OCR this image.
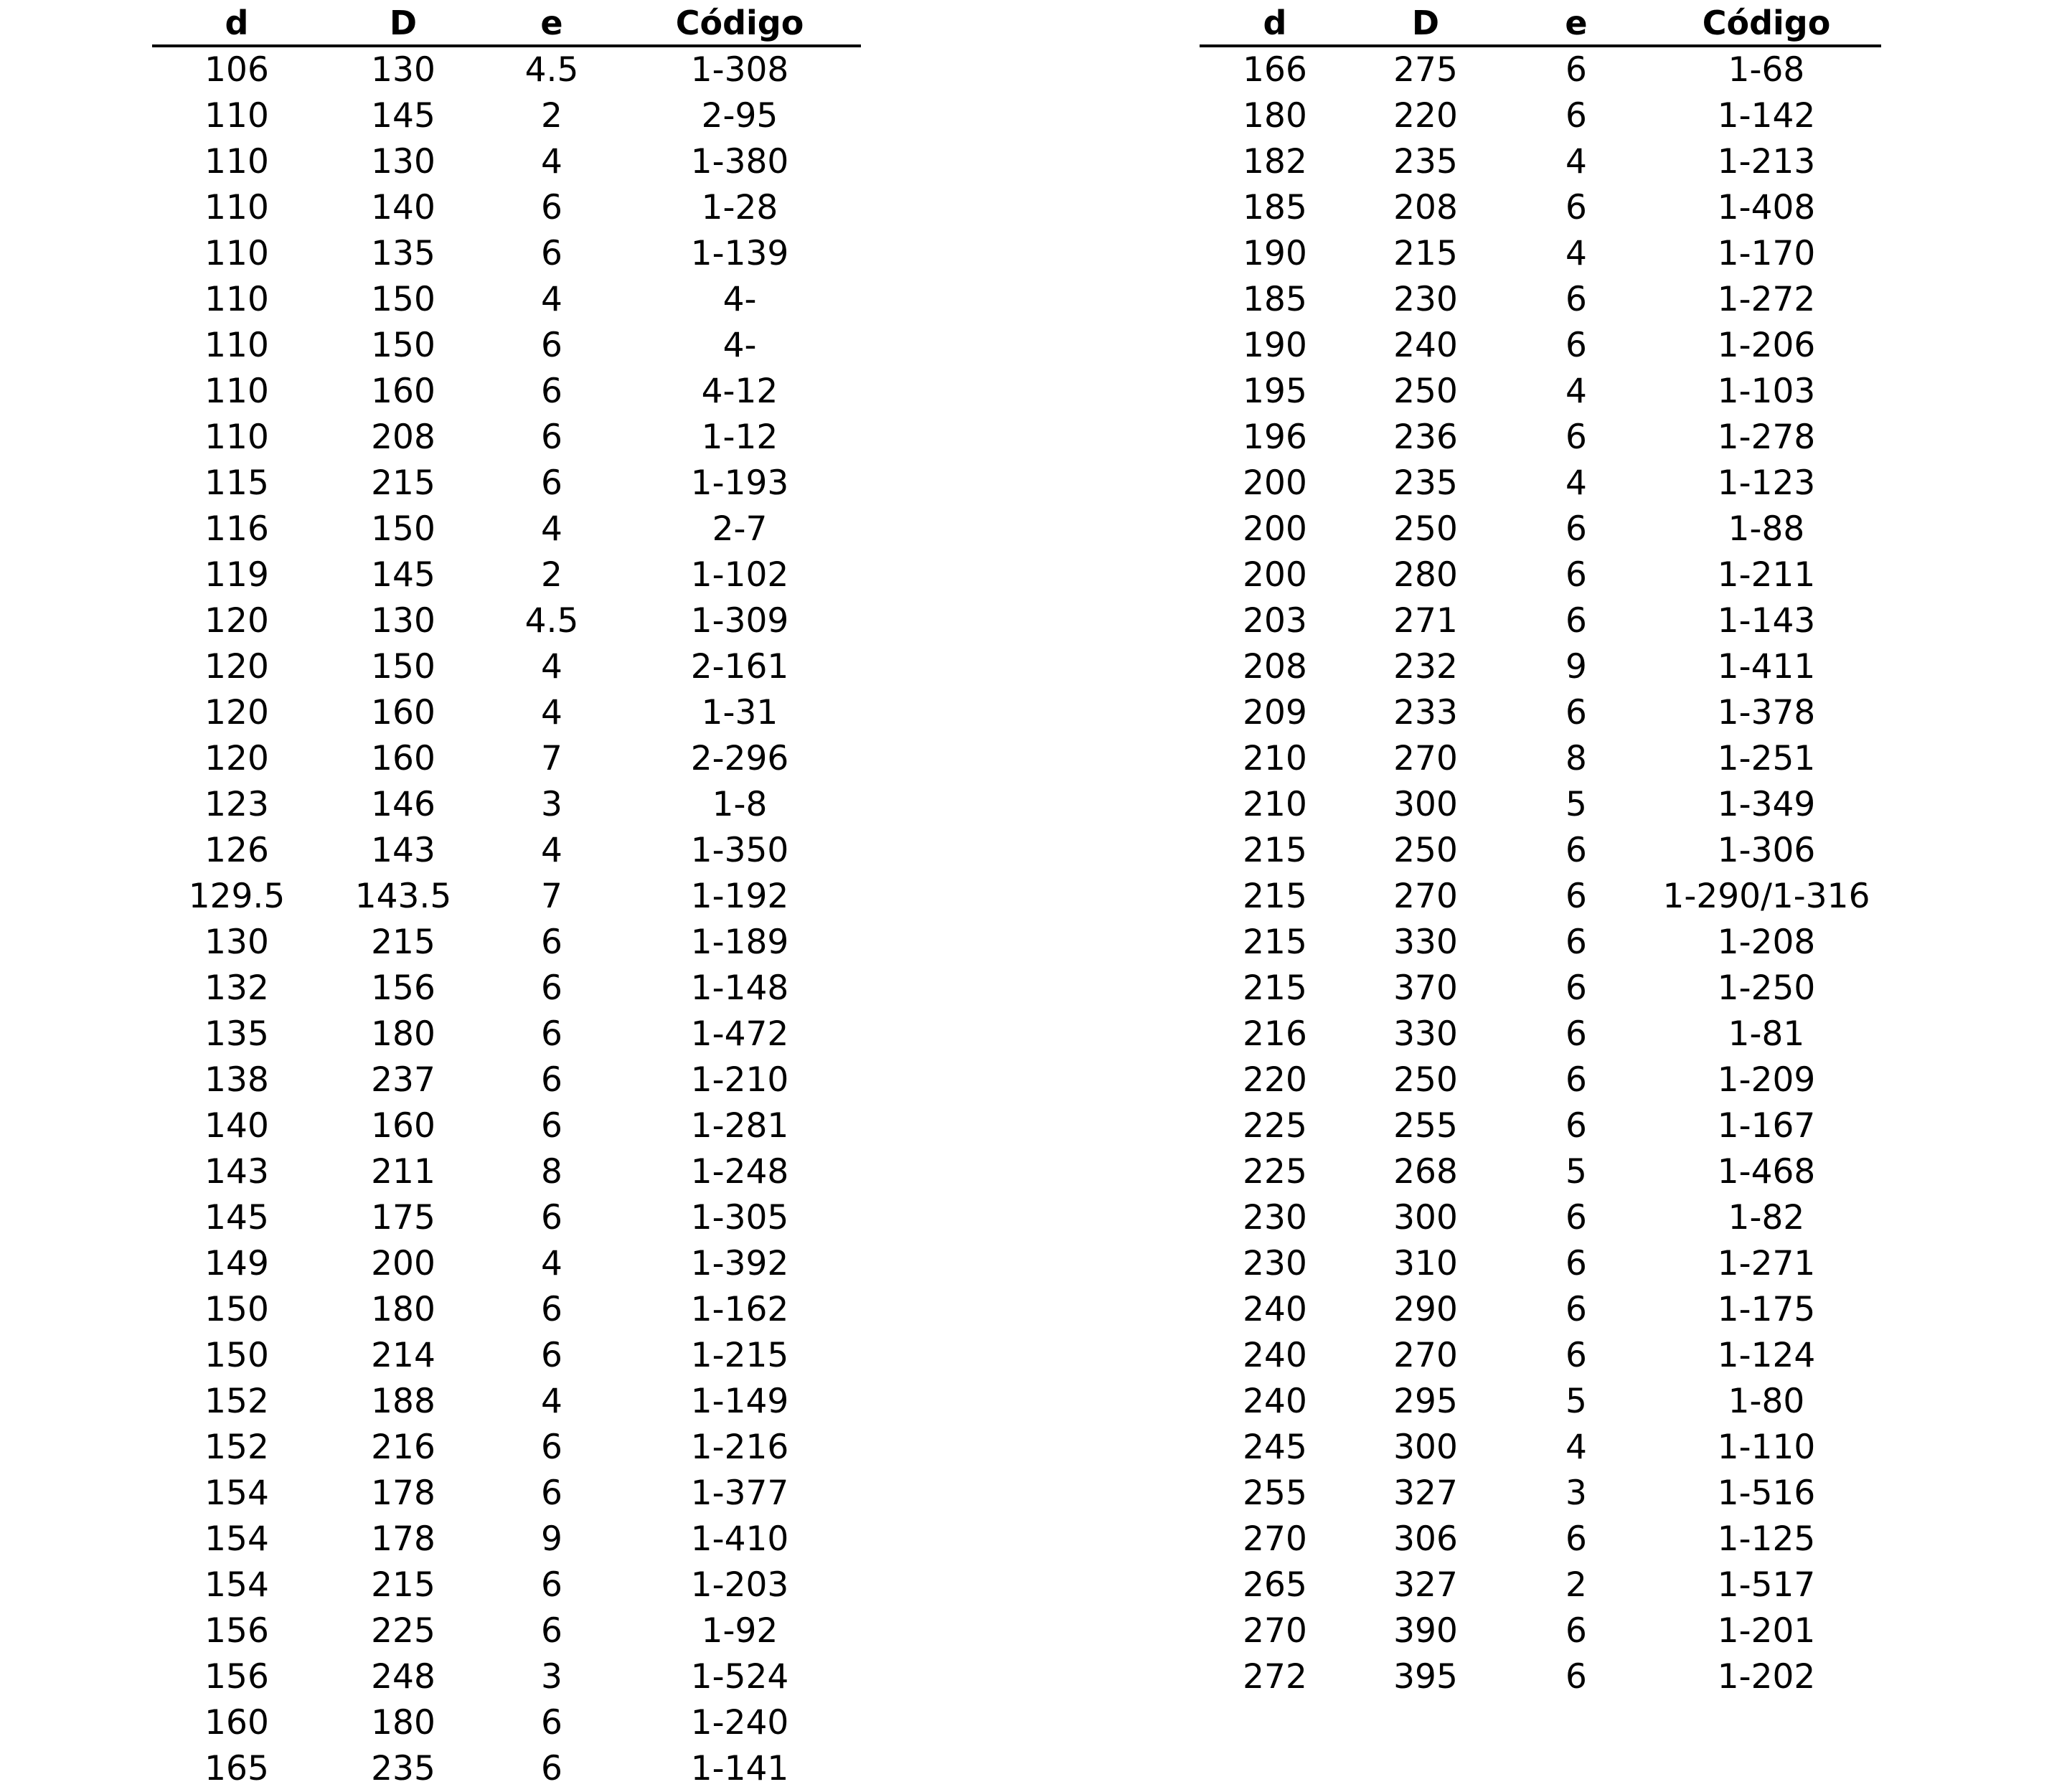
d	D	e	Código
106	130	4.5	1-308
110	145	2	2-95
110	130	4	1-380
110	140	6	1-28
110	135	6	1-139
110	150	4	4-
110	150	6	4-
110	160	6	4-12
110	208	6	1-12
115	215	6	1-193
116	150	4	2-7
119	145	2	1-102
120	130	4.5	1-309
120	150	4	2-161
120	160	4	1-31
120	160	7	2-296
123	146	3	1-8
126	143	4	1-350
129.5	143.5	7	1-192
130	215	6	1-189
132	156	6	1-148
135	180	6	1-472
138	237	6	1-210
140	160	6	1-281
143	211	8	1-248
145	175	6	1-305
149	200	4	1-392
150	180	6	1-162
150	214	6	1-215
152	188	4	1-149
152	216	6	1-216
154	178	6	1-377
154	178	9	1-410
154	215	6	1-203
156	225	6	1-92
156	248	3	1-524
160	180	6	1-240
165	235	6	1-141
d	D	e	Código
166	275	6	1-68
180	220	6	1-142
182	235	4	1-213
185	208	6	1-408
190	215	4	1-170
185	230	6	1-272
190	240	6	1-206
195	250	4	1-103
196	236	6	1-278
200	235	4	1-123
200	250	6	1-88
200	280	6	1-211
203	271	6	1-143
208	232	9	1-411
209	233	6	1-378
210	270	8	1-251
210	300	5	1-349
215	250	6	1-306
215	270	6	1-290/1-316
215	330	6	1-208
215	370	6	1-250
216	330	6	1-81
220	250	6	1-209
225	255	6	1-167
225	268	5	1-468
230	300	6	1-82
230	310	6	1-271
240	290	6	1-175
240	270	6	1-124
240	295	5	1-80
245	300	4	1-110
255	327	3	1-516
270	306	6	1-125
265	327	2	1-517
270	390	6	1-201
272	395	6	1-202
